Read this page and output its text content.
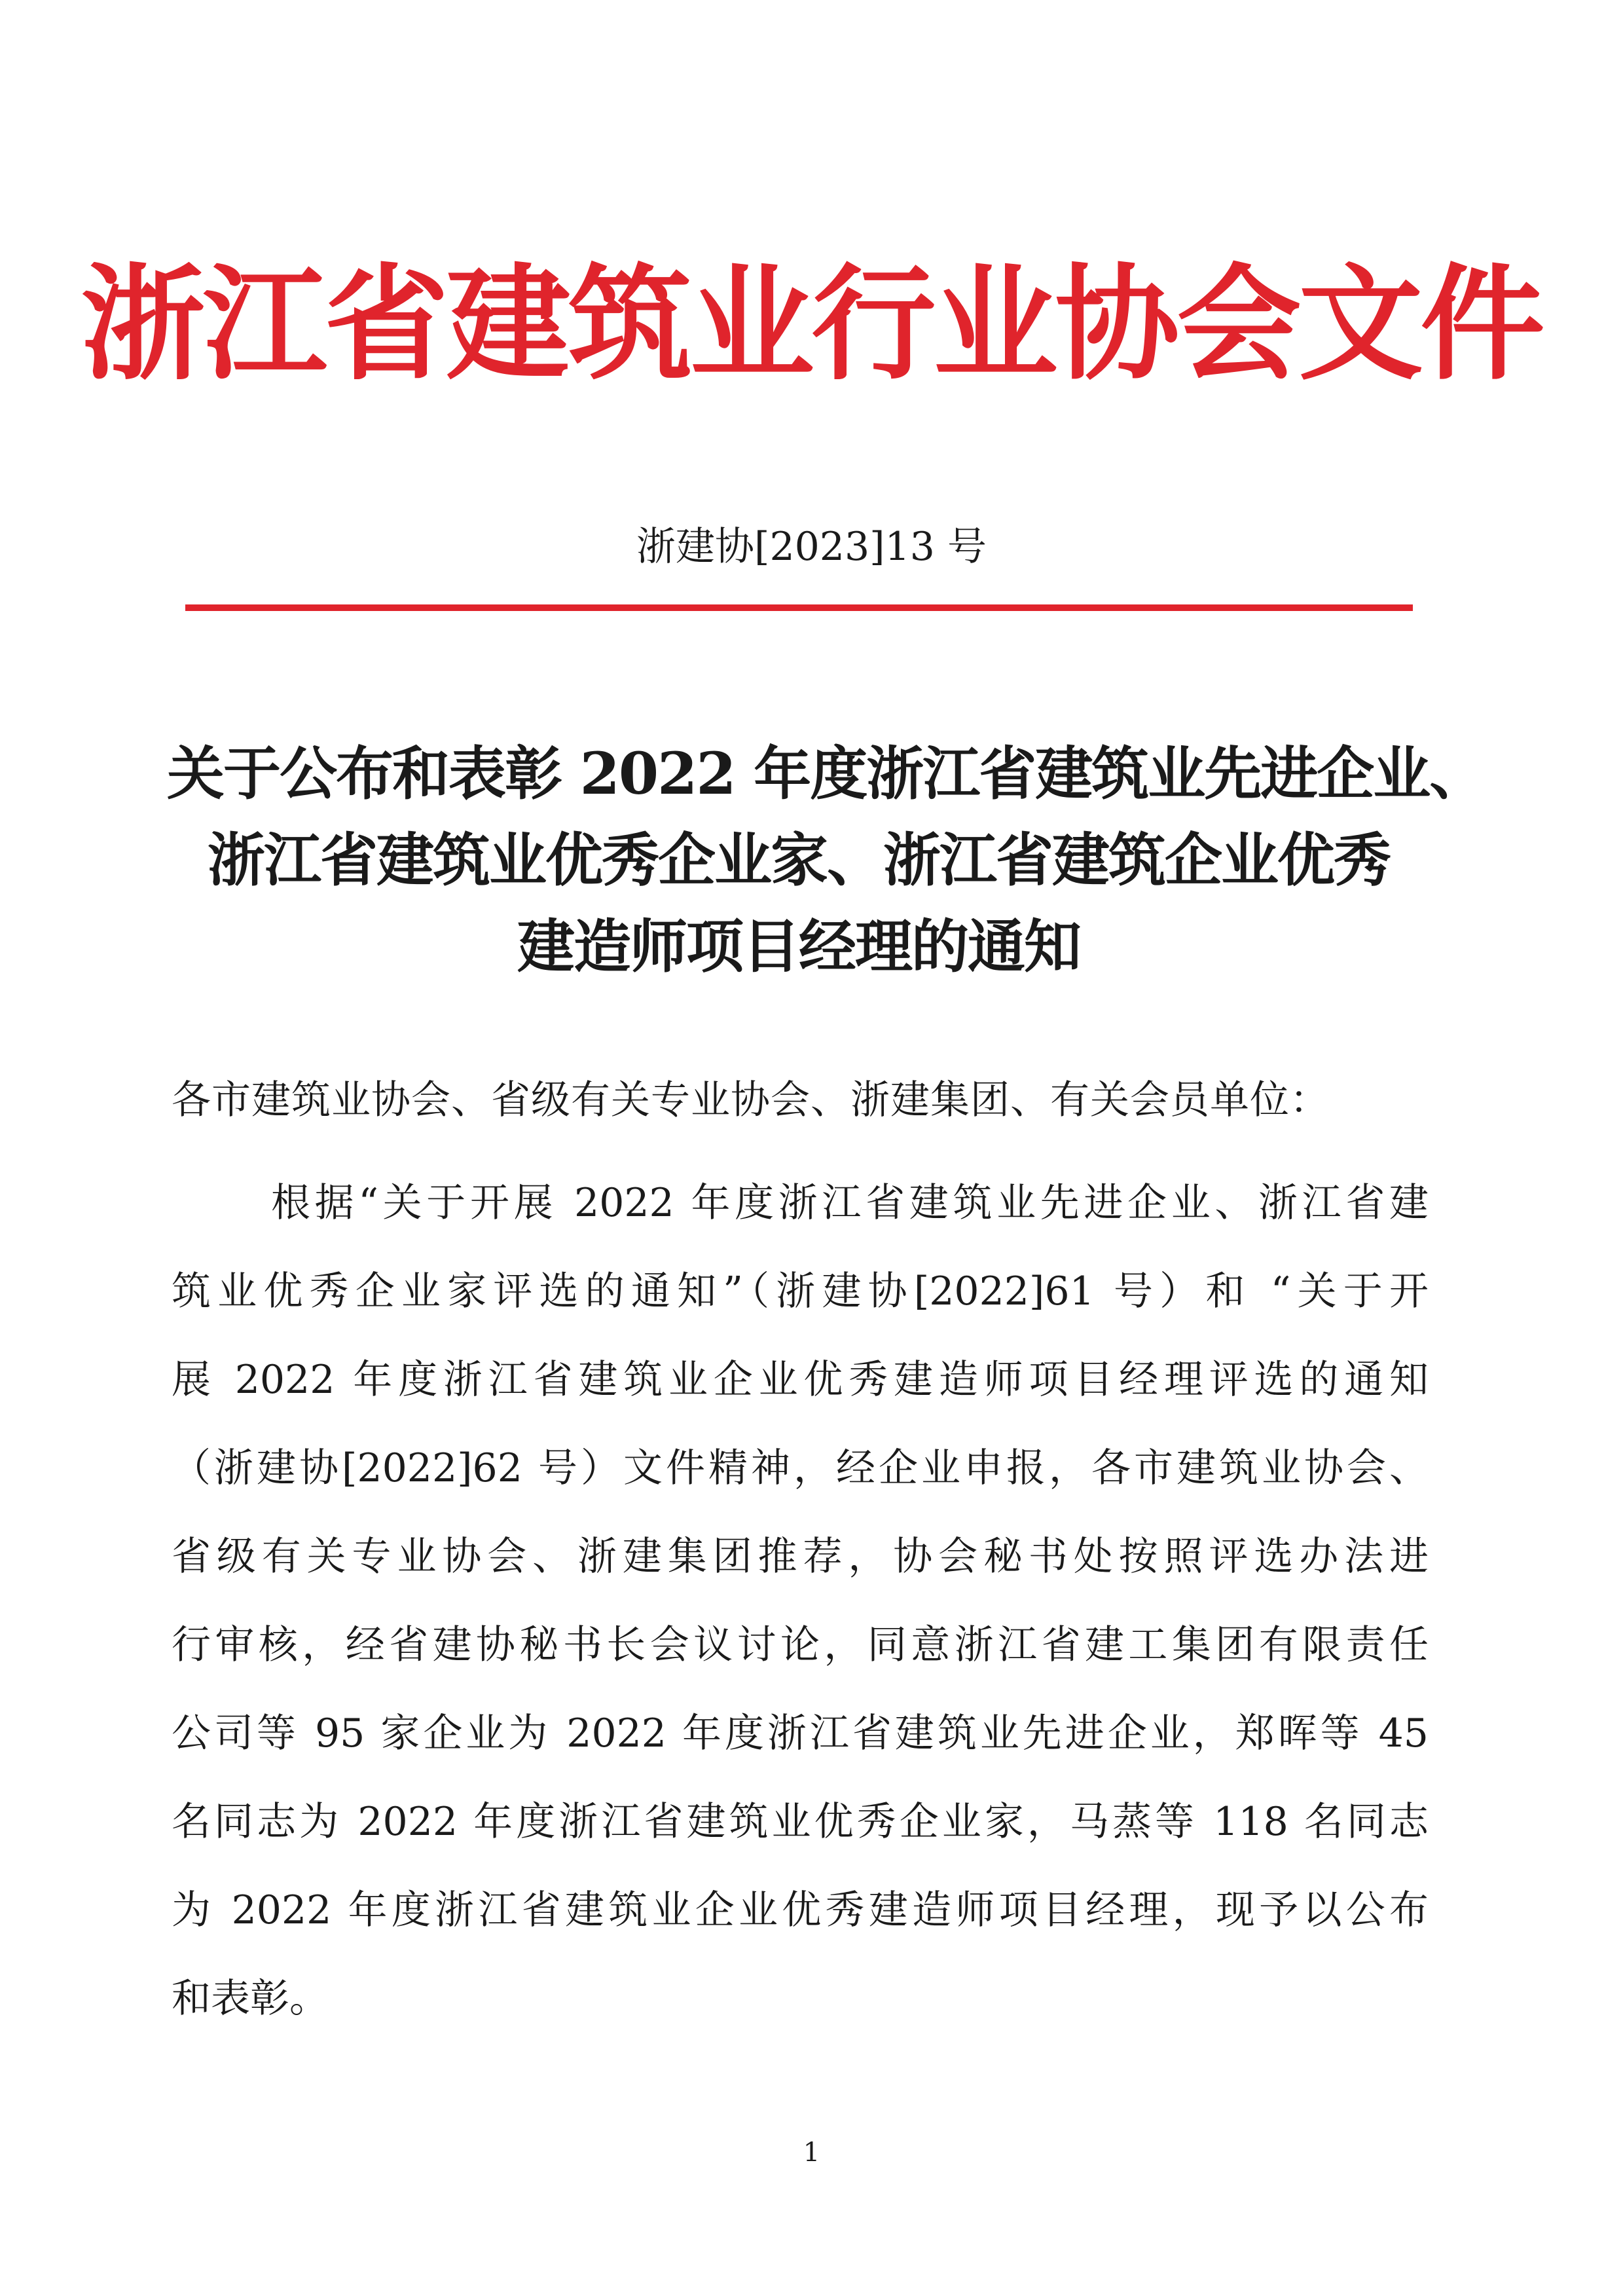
浙江省建筑业行业协会文件
浙建协[2023]13 号
关于公布和表彰 2022 年度浙江省建筑业先进企业、
浙江省建筑业优秀企业家、浙江省建筑企业优秀
建造师项目经理的通知
各市建筑业协会、省级有关专业协会、浙建集团、有关会员单位：
根据“关于开展 2022 年度浙江省建筑业先进企业、浙江省建
筑业优秀企业家评选的通知”（浙建协[2022]61 号）和 “关于开
展 2022 年度浙江省建筑业企业优秀建造师项目经理评选的通知
（浙建协[2022]62 号）文件精神，经企业申报，各市建筑业协会、
省级有关专业协会、浙建集团推荐，协会秘书处按照评选办法进
行审核，经省建协秘书长会议讨论，同意浙江省建工集团有限责任
公司等 95 家企业为 2022 年度浙江省建筑业先进企业，郑晖等 45
名同志为 2022 年度浙江省建筑业优秀企业家，马蒸等 118 名同志
为 2022 年度浙江省建筑业企业优秀建造师项目经理，现予以公布
和表彰。
1
